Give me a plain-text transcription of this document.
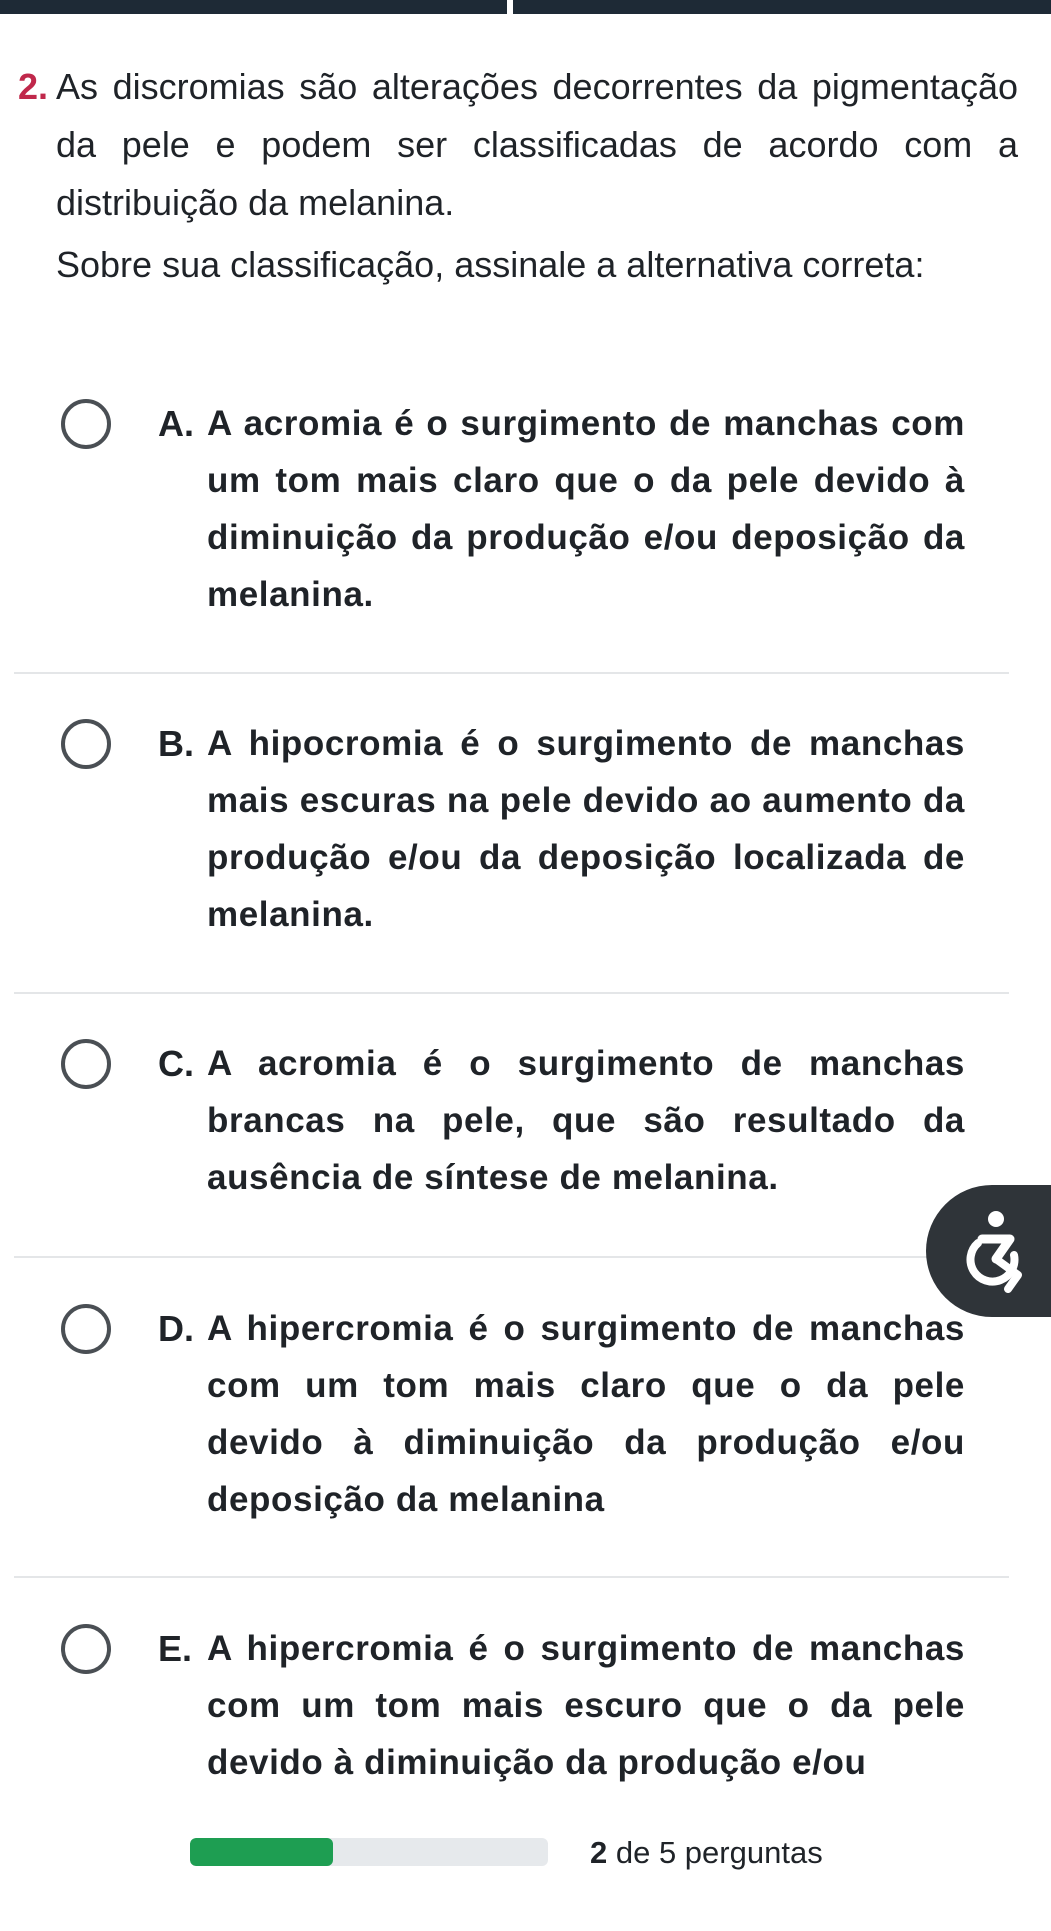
2. As discromias são alterações decorrentes da pigmentação da pele e podem ser classificadas de acordo com a distribuição da melanina.

Sobre sua classificação, assinale a alternativa correta:

A. A acromia é o surgimento de manchas com um tom mais claro que o da pele devido à diminuição da produção e/ou deposição da melanina.
B. A hipocromia é o surgimento de manchas mais escuras na pele devido ao aumento da produção e/ou da deposição localizada de melanina.
C. A acromia é o surgimento de manchas brancas na pele, que são resultado da ausência de síntese de melanina.
D. A hipercromia é o surgimento de manchas com um tom mais claro que o da pele devido à diminuição da produção e/ou deposição da melanina
E. A hipercromia é o surgimento de manchas com um tom mais escuro que o da pele devido à diminuição da produção e/ou
2 de 5 perguntas
